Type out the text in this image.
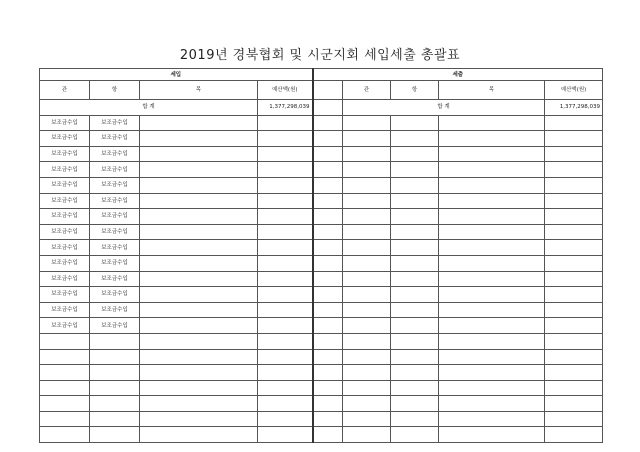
2019년 경북협회 및 시군지회 세입세출 총괄표
세입				세출				
관	항	목	예산액(원)		관	항	목	예산액(원)
합 계			1,377,298,039		합 계			1,377,298,039
보조금수입	보조금수입							
보조금수입	보조금수입							
보조금수입	보조금수입							
보조금수입	보조금수입							
보조금수입	보조금수입							
보조금수입	보조금수입							
보조금수입	보조금수입							
보조금수입	보조금수입							
보조금수입	보조금수입							
보조금수입	보조금수입							
보조금수입	보조금수입							
보조금수입	보조금수입							
보조금수입	보조금수입							
보조금수입	보조금수입							
